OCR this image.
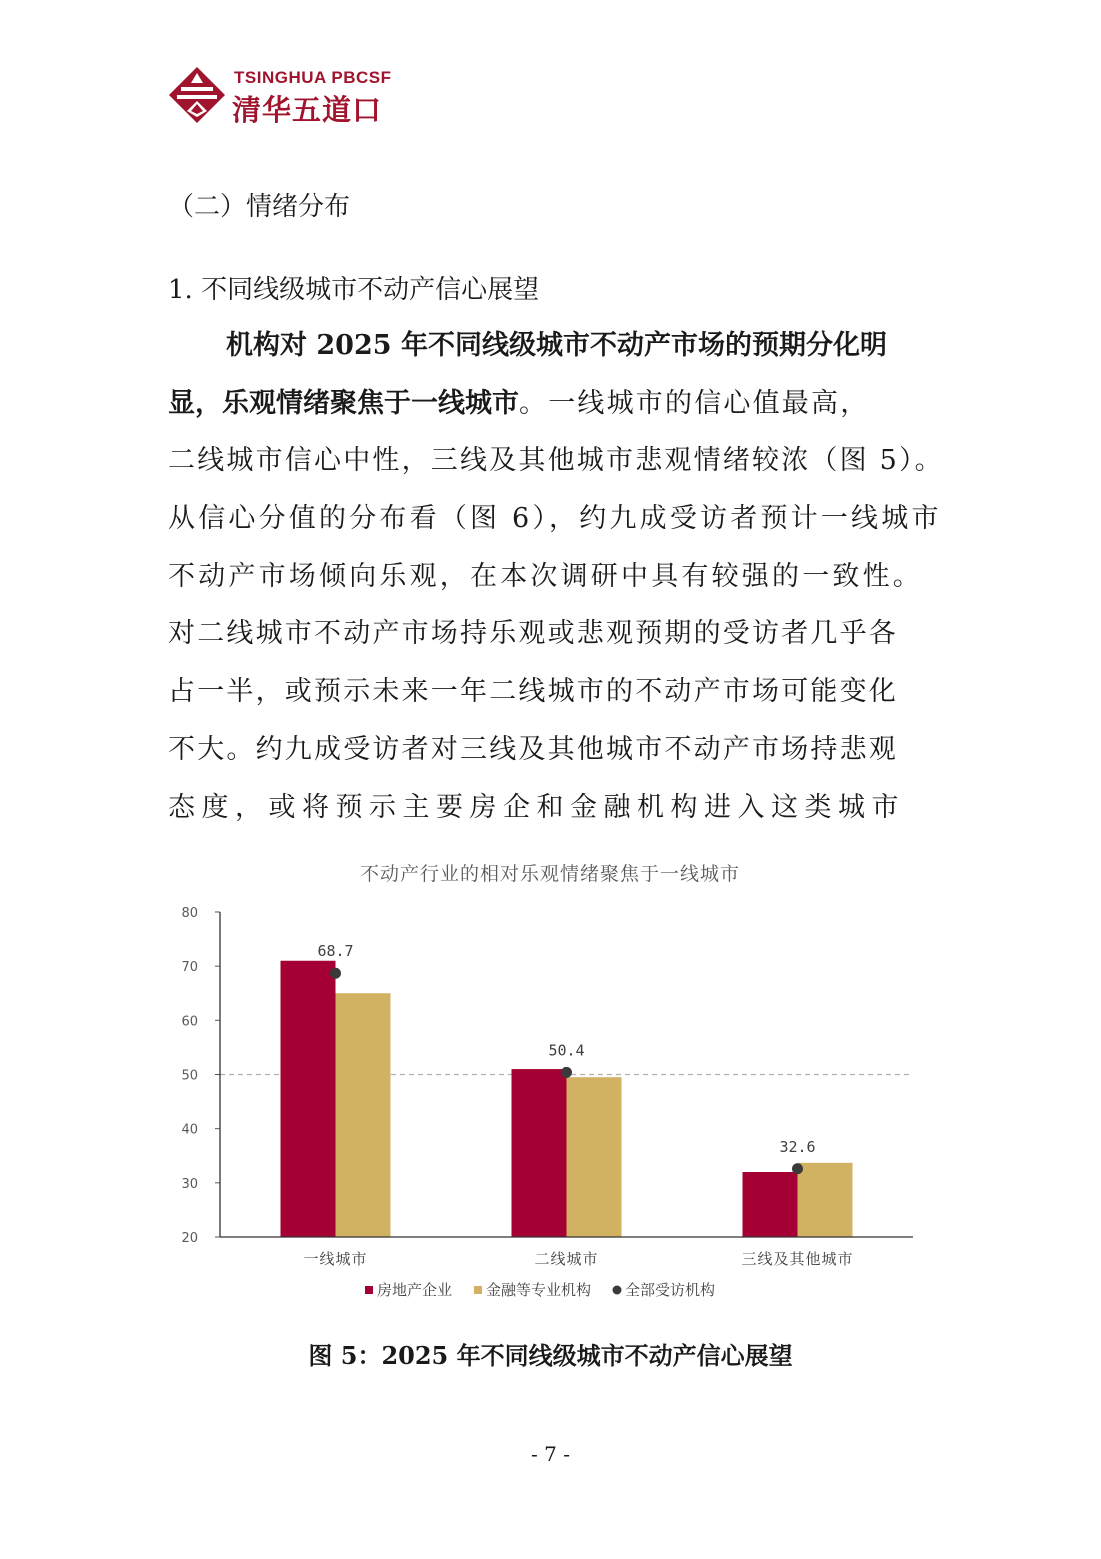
TSINGHUA PBCSF
清华五道口
（二）情绪分布
1. 不同线级城市不动产信心展望
机构对 2025 年不同线级城市不动产市场的预期分化明
显，乐观情绪聚焦于一线城市。一线城市的信心值最高，
二线城市信心中性，三线及其他城市悲观情绪较浓（图 5）。
从信心分值的分布看（图 6），约九成受访者预计一线城市
不动产市场倾向乐观，在本次调研中具有较强的一致性。
对二线城市不动产市场持乐观或悲观预期的受访者几乎各
占一半，或预示未来一年二线城市的不动产市场可能变化
不大。约九成受访者对三线及其他城市不动产市场持悲观
态度，或将预示主要房企和金融机构进入这类城市
不动产行业的相对乐观情绪聚焦于一线城市
20
30
40
50
60
70
80
68.7
一线城市
50.4
二线城市
32.6
三线及其他城市
房地产企业 金融等专业机构 全部受访机构
图 5：2025 年不同线级城市不动产信心展望
- 7 -
